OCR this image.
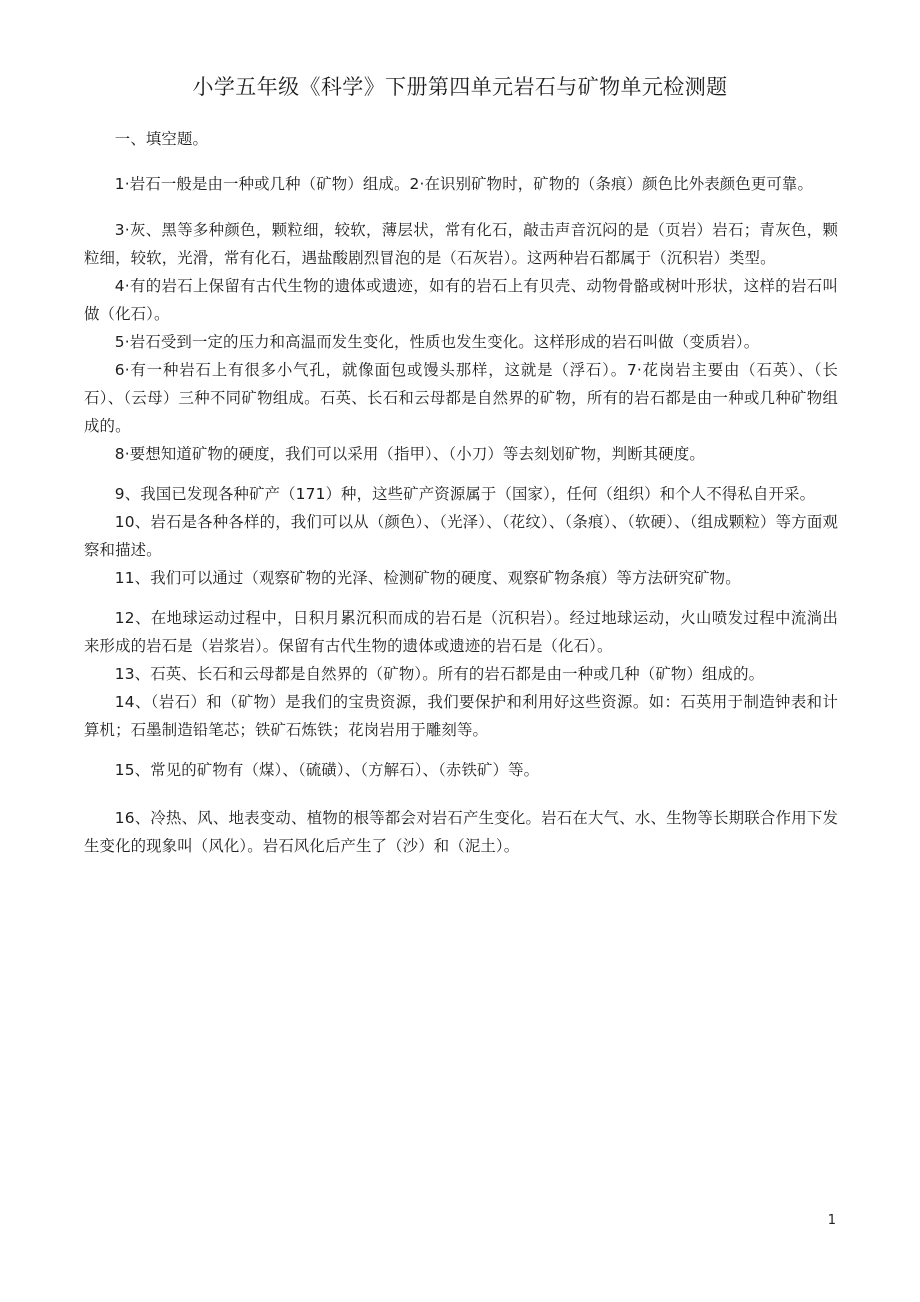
小学五年级《科学》下册第四单元岩石与矿物单元检测题

一、填空题。

1·岩石一般是由一种或几种（矿物）组成。2·在识别矿物时，矿物的（条痕）颜色比外表颜色更可靠。

3·灰、黑等多种颜色，颗粒细，较软，薄层状，常有化石，敲击声音沉闷的是（页岩）岩石；青灰色，颗粒细，较软，光滑，常有化石，遇盐酸剧烈冒泡的是（石灰岩）。这两种岩石都属于（沉积岩）类型。

4·有的岩石上保留有古代生物的遗体或遗迹，如有的岩石上有贝壳、动物骨骼或树叶形状，这样的岩石叫做（化石）。

5·岩石受到一定的压力和高温而发生变化，性质也发生变化。这样形成的岩石叫做（变质岩）。

6·有一种岩石上有很多小气孔，就像面包或馒头那样，这就是（浮石）。7·花岗岩主要由（石英）、（长石）、（云母）三种不同矿物组成。石英、长石和云母都是自然界的矿物，所有的岩石都是由一种或几种矿物组成的。

8·要想知道矿物的硬度，我们可以采用（指甲）、（小刀）等去刻划矿物，判断其硬度。

9、我国已发现各种矿产（171）种，这些矿产资源属于（国家），任何（组织）和个人不得私自开采。

10、岩石是各种各样的，我们可以从（颜色）、（光泽）、（花纹）、（条痕）、（软硬）、（组成颗粒）等方面观察和描述。

11、我们可以通过（观察矿物的光泽、检测矿物的硬度、观察矿物条痕）等方法研究矿物。

12、在地球运动过程中，日积月累沉积而成的岩石是（沉积岩）。经过地球运动，火山喷发过程中流淌出来形成的岩石是（岩浆岩）。保留有古代生物的遗体或遗迹的岩石是（化石）。

13、石英、长石和云母都是自然界的（矿物）。所有的岩石都是由一种或几种（矿物）组成的。

14、（岩石）和（矿物）是我们的宝贵资源，我们要保护和利用好这些资源。如：石英用于制造钟表和计算机；石墨制造铅笔芯；铁矿石炼铁；花岗岩用于雕刻等。

15、常见的矿物有（煤）、（硫磺）、（方解石）、（赤铁矿）等。

16、冷热、风、地表变动、植物的根等都会对岩石产生变化。岩石在大气、水、生物等长期联合作用下发生变化的现象叫（风化）。岩石风化后产生了（沙）和（泥土）。

1
